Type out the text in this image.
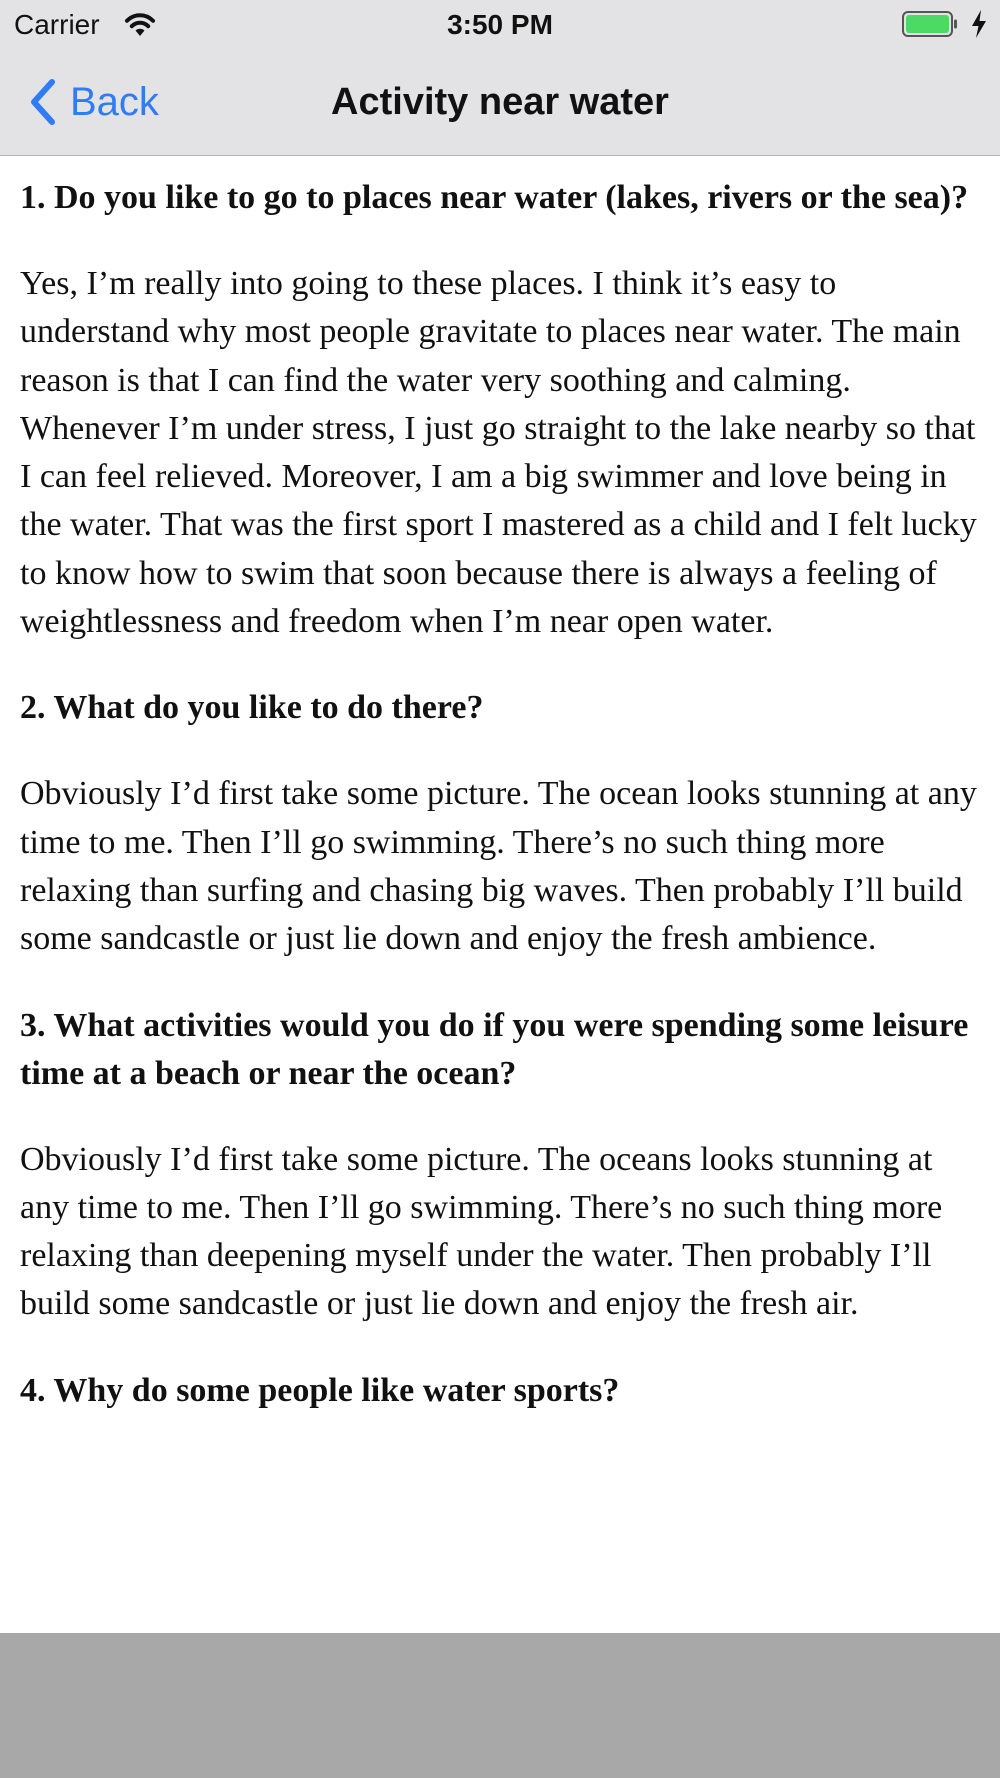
Carrier	3:50 PM
Back	Activity near water

1. Do you like to go to places near water (lakes, rivers or the sea)?

Yes, I’m really into going to these places. I think it’s easy to understand why most people gravitate to places near water. The main reason is that I can find the water very soothing and calming. Whenever I’m under stress, I just go straight to the lake nearby so that I can feel relieved. Moreover, I am a big swimmer and love being in the water. That was the first sport I mastered as a child and I felt lucky to know how to swim that soon because there is always a feeling of weightlessness and freedom when I’m near open water.

2. What do you like to do there?

Obviously I’d first take some picture. The ocean looks stunning at any time to me. Then I’ll go swimming. There’s no such thing more relaxing than surfing and chasing big waves. Then probably I’ll build some sandcastle or just lie down and enjoy the fresh ambience.

3. What activities would you do if you were spending some leisure time at a beach or near the ocean?

Obviously I’d first take some picture. The oceans looks stunning at any time to me. Then I’ll go swimming. There’s no such thing more relaxing than deepening myself under the water. Then probably I’ll build some sandcastle or just lie down and enjoy the fresh air.

4. Why do some people like water sports?
